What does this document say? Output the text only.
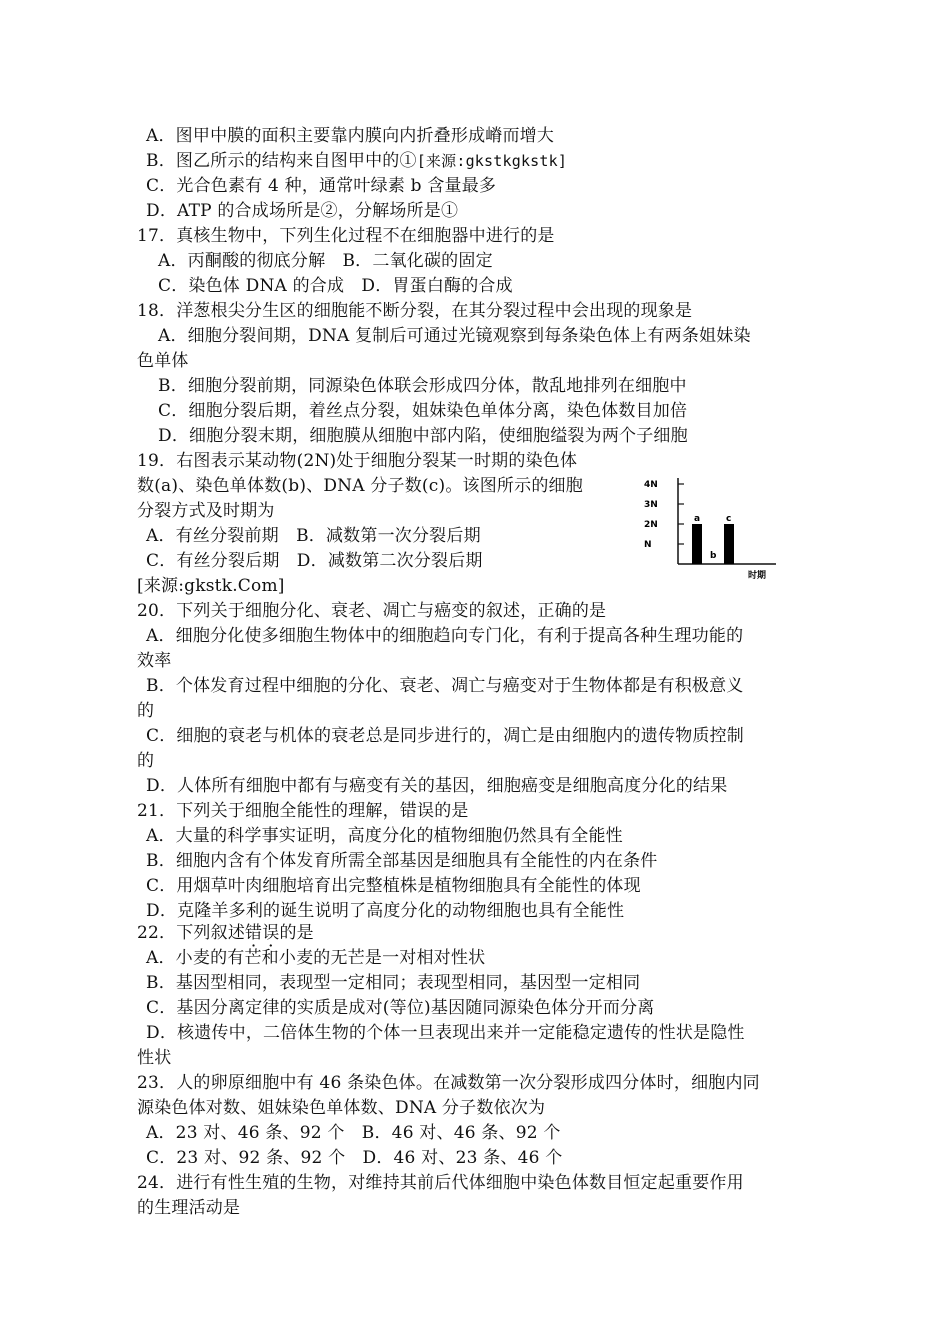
A．图甲中膜的面积主要靠内膜向内折叠形成嵴而增大
B．图乙所示的结构来自图甲中的①[来源:gkstkgkstk]
C．光合色素有 4 种，通常叶绿素 b 含量最多
D．ATP 的合成场所是②，分解场所是①
17．真核生物中，下列生化过程不在细胞器中进行的是
A．丙酮酸的彻底分解　B．二氧化碳的固定
C．染色体 DNA 的合成　D．胃蛋白酶的合成
18．洋葱根尖分生区的细胞能不断分裂，在其分裂过程中会出现的现象是
A．细胞分裂间期，DNA 复制后可通过光镜观察到每条染色体上有两条姐妹染
色单体
B．细胞分裂前期，同源染色体联会形成四分体，散乱地排列在细胞中
C．细胞分裂后期，着丝点分裂，姐妹染色单体分离，染色体数目加倍
D．细胞分裂末期，细胞膜从细胞中部内陷，使细胞缢裂为两个子细胞
19．右图表示某动物(2N)处于细胞分裂某一时期的染色体
数(a)、染色单体数(b)、DNA 分子数(c)。该图所示的细胞
分裂方式及时期为
A．有丝分裂前期　B．减数第一次分裂后期
C．有丝分裂后期　D．减数第二次分裂后期
[来源:gkstk.Com]
4N
3N
2N
N
a
b
c
时期
20．下列关于细胞分化、衰老、凋亡与癌变的叙述，正确的是
A．细胞分化使多细胞生物体中的细胞趋向专门化，有利于提高各种生理功能的
效率
B．个体发育过程中细胞的分化、衰老、凋亡与癌变对于生物体都是有积极意义
的
C．细胞的衰老与机体的衰老总是同步进行的，凋亡是由细胞内的遗传物质控制
的
D．人体所有细胞中都有与癌变有关的基因，细胞癌变是细胞高度分化的结果
21．下列关于细胞全能性的理解，错误的是
A．大量的科学事实证明，高度分化的植物细胞仍然具有全能性
B．细胞内含有个体发育所需全部基因是细胞具有全能性的内在条件
C．用烟草叶肉细胞培育出完整植株是植物细胞具有全能性的体现
D．克隆羊多利的诞生说明了高度分化的动物细胞也具有全能性
22．下列叙述错误的是
A．小麦的有芒和小麦的无芒是一对相对性状
B．基因型相同，表现型一定相同；表现型相同，基因型一定相同
C．基因分离定律的实质是成对(等位)基因随同源染色体分开而分离
D．核遗传中，二倍体生物的个体一旦表现出来并一定能稳定遗传的性状是隐性
性状
23．人的卵原细胞中有 46 条染色体。在减数第一次分裂形成四分体时，细胞内同
源染色体对数、姐妹染色单体数、DNA 分子数依次为
A．23 对、46 条、92 个　B．46 对、46 条、92 个
C．23 对、92 条、92 个　D．46 对、23 条、46 个
24．进行有性生殖的生物，对维持其前后代体细胞中染色体数目恒定起重要作用
的生理活动是
